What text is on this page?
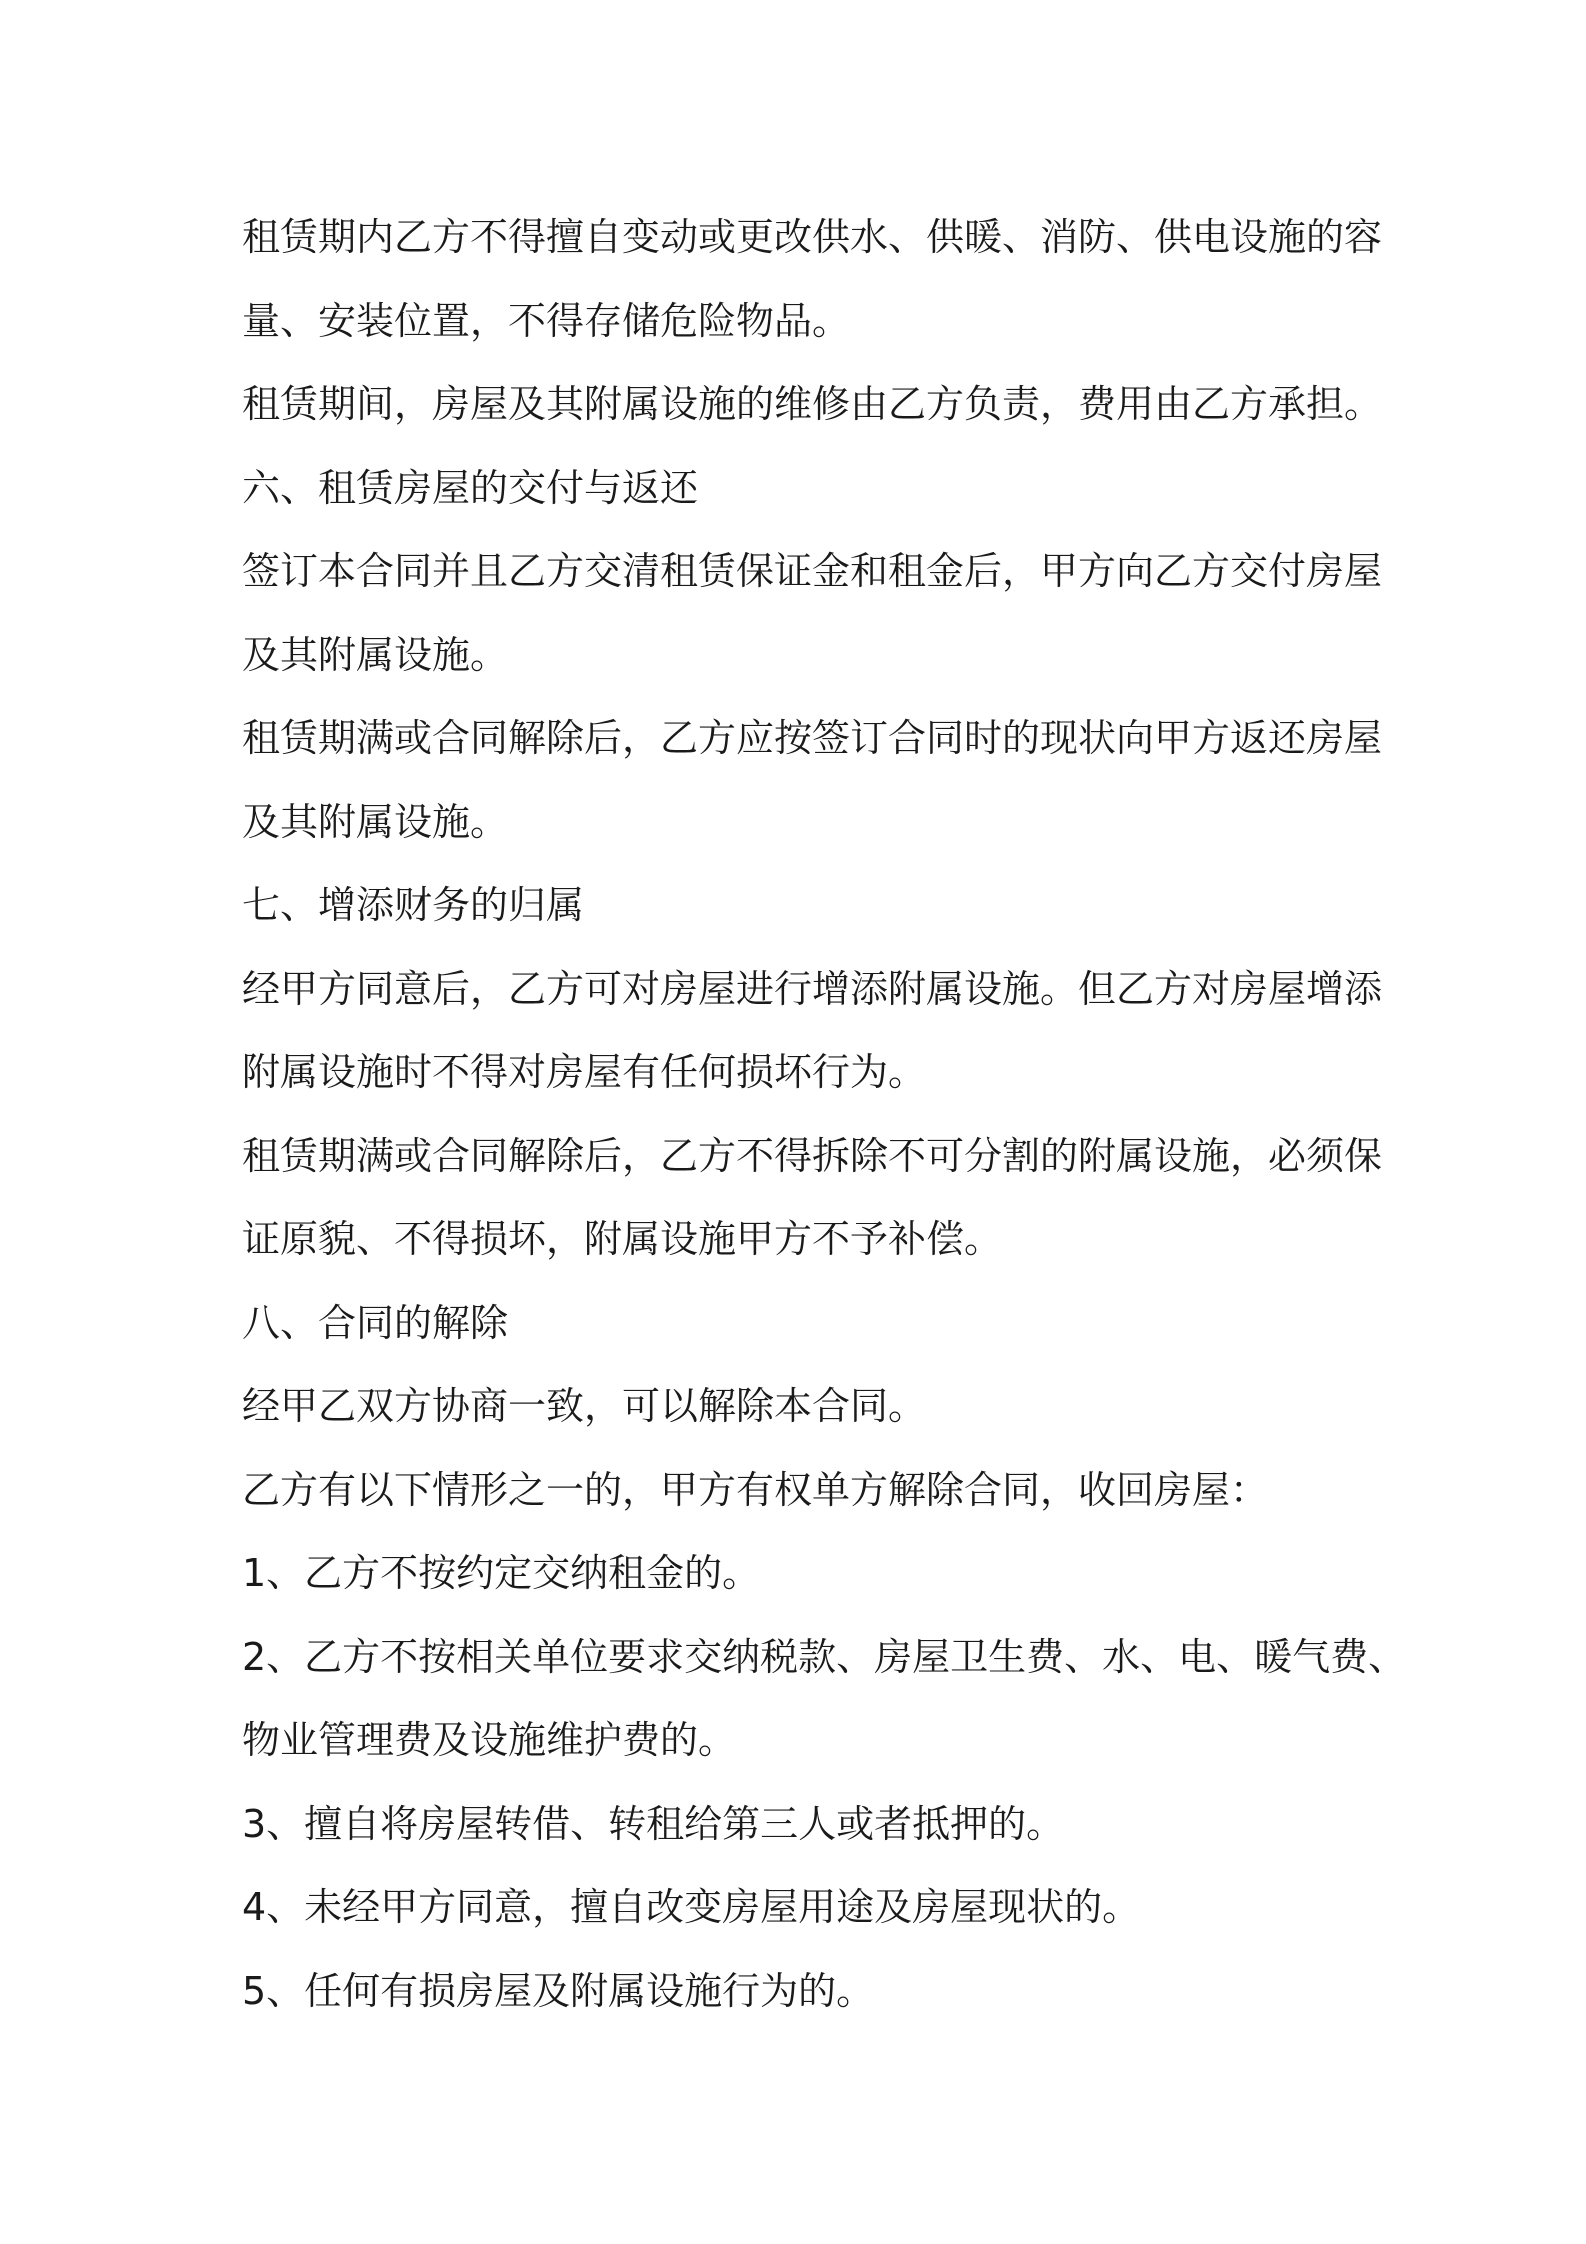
租赁期内乙方不得擅自变动或更改供水、供暖、消防、供电设施的容
量、安装位置，不得存储危险物品。
租赁期间，房屋及其附属设施的维修由乙方负责，费用由乙方承担。
六、租赁房屋的交付与返还
签订本合同并且乙方交清租赁保证金和租金后，甲方向乙方交付房屋
及其附属设施。
租赁期满或合同解除后，乙方应按签订合同时的现状向甲方返还房屋
及其附属设施。
七、增添财务的归属
经甲方同意后，乙方可对房屋进行增添附属设施。但乙方对房屋增添
附属设施时不得对房屋有任何损坏行为。
租赁期满或合同解除后，乙方不得拆除不可分割的附属设施，必须保
证原貌、不得损坏，附属设施甲方不予补偿。
八、合同的解除
经甲乙双方协商一致，可以解除本合同。
乙方有以下情形之一的，甲方有权单方解除合同，收回房屋：
1、乙方不按约定交纳租金的。
2、乙方不按相关单位要求交纳税款、房屋卫生费、水、电、暖气费、
物业管理费及设施维护费的。
3、擅自将房屋转借、转租给第三人或者抵押的。
4、未经甲方同意，擅自改变房屋用途及房屋现状的。
5、任何有损房屋及附属设施行为的。
